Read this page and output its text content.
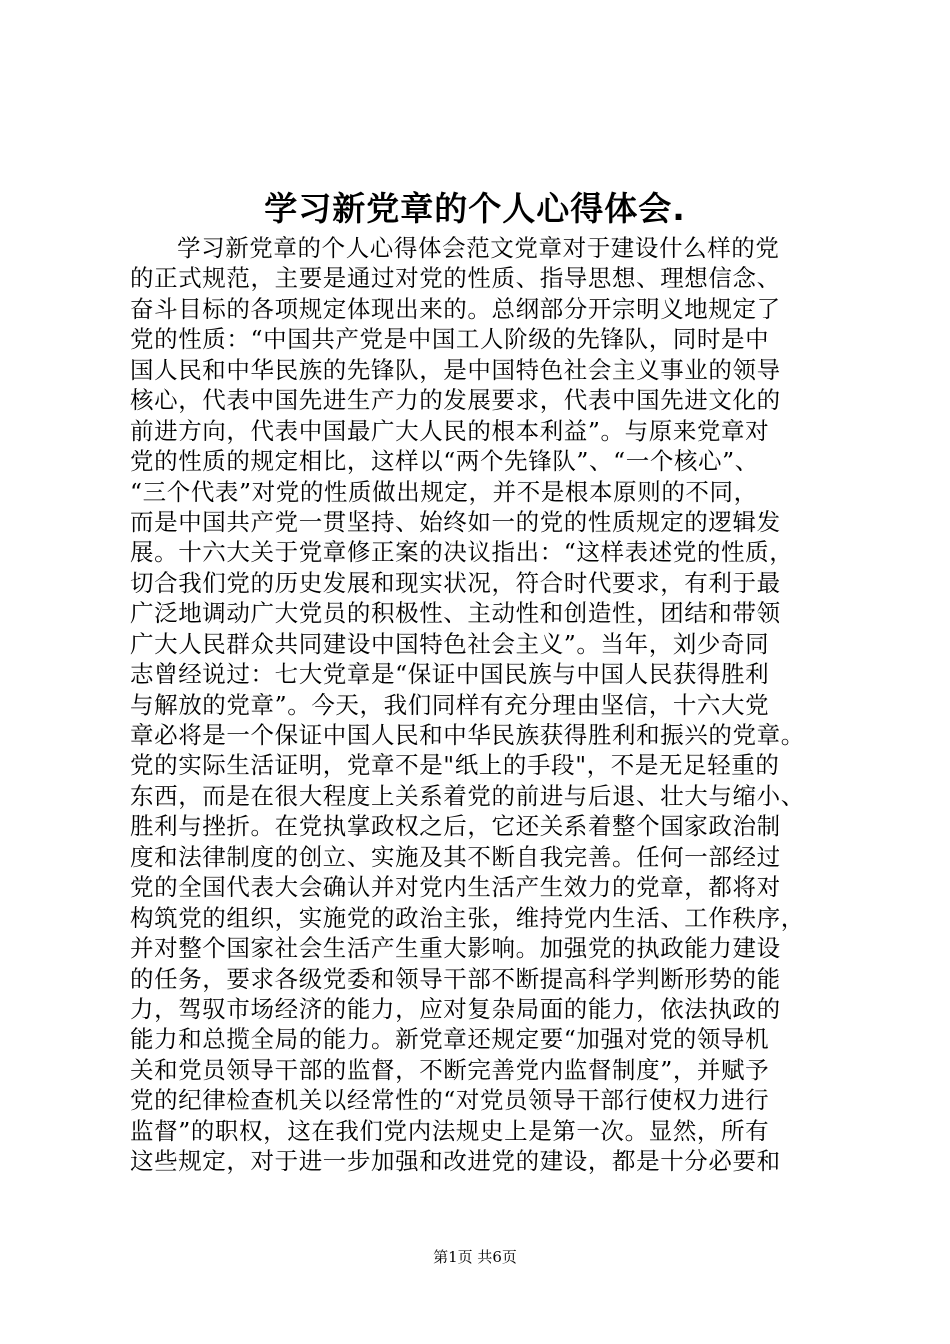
学习新党章的个人心得体会.
学习新党章的个人心得体会范文党章对于建设什么样的党
的正式规范，主要是通过对党的性质、指导思想、理想信念、
奋斗目标的各项规定体现出来的。总纲部分开宗明义地规定了
党的性质：“中国共产党是中国工人阶级的先锋队，同时是中
国人民和中华民族的先锋队，是中国特色社会主义事业的领导
核心，代表中国先进生产力的发展要求，代表中国先进文化的
前进方向，代表中国最广大人民的根本利益”。与原来党章对
党的性质的规定相比，这样以“两个先锋队”、“一个核心”、
“三个代表”对党的性质做出规定，并不是根本原则的不同，
而是中国共产党一贯坚持、始终如一的党的性质规定的逻辑发
展。十六大关于党章修正案的决议指出：“这样表述党的性质，
切合我们党的历史发展和现实状况，符合时代要求，有利于最
广泛地调动广大党员的积极性、主动性和创造性，团结和带领
广大人民群众共同建设中国特色社会主义”。当年，刘少奇同
志曾经说过：七大党章是“保证中国民族与中国人民获得胜利
与解放的党章”。今天，我们同样有充分理由坚信，十六大党
章必将是一个保证中国人民和中华民族获得胜利和振兴的党章。
党的实际生活证明，党章不是"纸上的手段"，不是无足轻重的
东西，而是在很大程度上关系着党的前进与后退、壮大与缩小、
胜利与挫折。在党执掌政权之后，它还关系着整个国家政治制
度和法律制度的创立、实施及其不断自我完善。任何一部经过
党的全国代表大会确认并对党内生活产生效力的党章，都将对
构筑党的组织，实施党的政治主张，维持党内生活、工作秩序，
并对整个国家社会生活产生重大影响。加强党的执政能力建设
的任务，要求各级党委和领导干部不断提高科学判断形势的能
力，驾驭市场经济的能力，应对复杂局面的能力，依法执政的
能力和总揽全局的能力。新党章还规定要“加强对党的领导机
关和党员领导干部的监督，不断完善党内监督制度”，并赋予
党的纪律检查机关以经常性的“对党员领导干部行使权力进行
监督”的职权，这在我们党内法规史上是第一次。显然，所有
这些规定，对于进一步加强和改进党的建设，都是十分必要和
第1页 共6页
